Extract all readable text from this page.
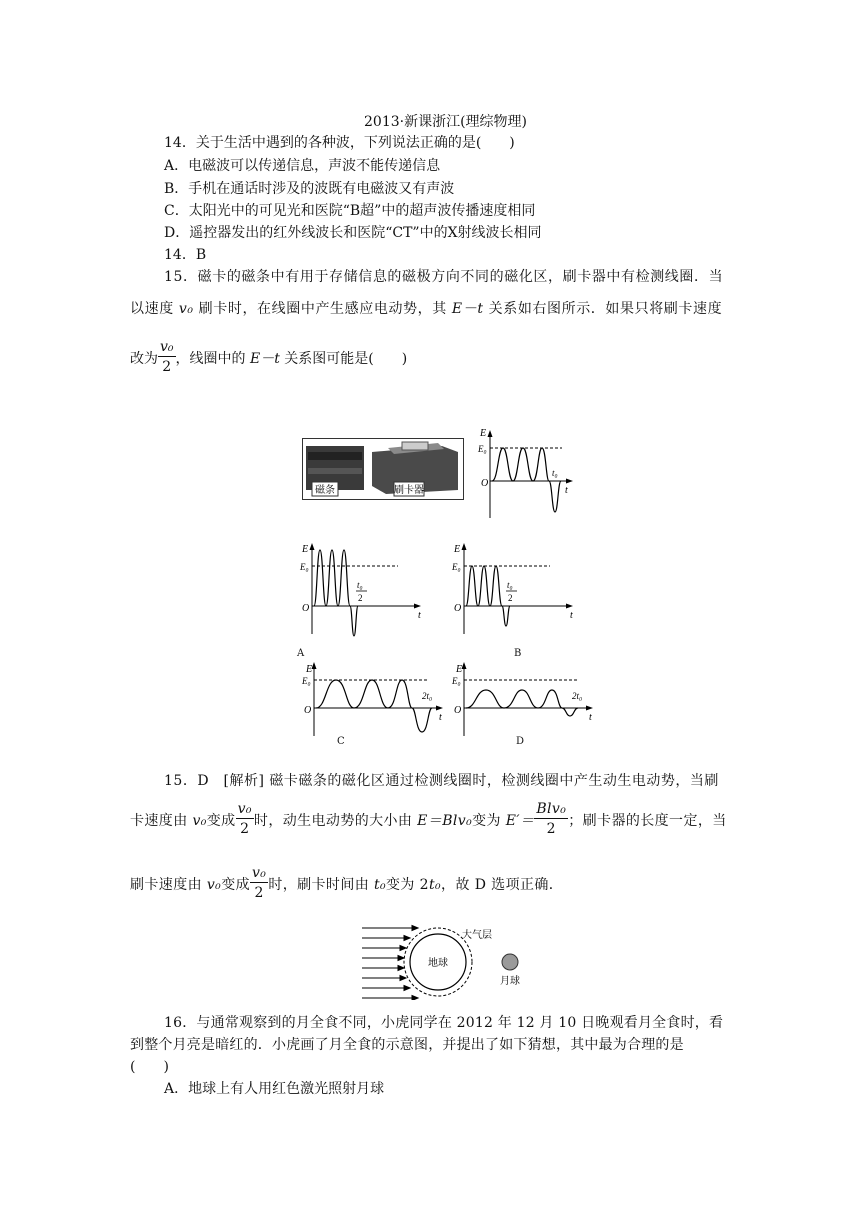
2013·新课浙江(理综物理)
14．关于生活中遇到的各种波，下列说法正确的是(　　)
A．电磁波可以传递信息，声波不能传递信息
B．手机在通话时涉及的波既有电磁波又有声波
C．太阳光中的可见光和医院“B超”中的超声波传播速度相同
D．遥控器发出的红外线波长和医院“CT”中的X射线波长相同
14．B
15．磁卡的磁条中有用于存储信息的磁极方向不同的磁化区，刷卡器中有检测线圈．当
以速度 v₀ 刷卡时，在线圈中产生感应电动势，其 E－t 关系如右图所示．如果只将刷卡速度
改为 $\frac{\text{v₀}}{2}$ ，线圈中的 E－t 关系图可能是(　　)
磁条	刷卡器
E
E₀
O
t
t₀
E
E₀
O
t
t₀
2
A
E
E₀
O
t
t₀
2
B
E
E₀
O
t
2t₀
C
E
E₀
O
t
2t₀
D
15．D　[解析] 磁卡磁条的磁化区通过检测线圈时，检测线圈中产生动生电动势，当刷
卡速度由 v₀变成 $\frac{\text{v₀}}{2}$ 时，动生电动势的大小由 E＝Blv₀变为 $E'= \frac{\text{Blv₀}}{2}$ ；刷卡器的长度一定，当
刷卡速度由 v₀变成 $\frac{\text{v₀}}{2}$ 时，刷卡时间由 t₀变为 2t₀，故 D 选项正确．
地球
大气层
月球
16．与通常观察到的月全食不同，小虎同学在 2012 年 12 月 10 日晚观看月全食时，看
到整个月亮是暗红的．小虎画了月全食的示意图，并提出了如下猜想，其中最为合理的是
(　　)
A．地球上有人用红色激光照射月球
